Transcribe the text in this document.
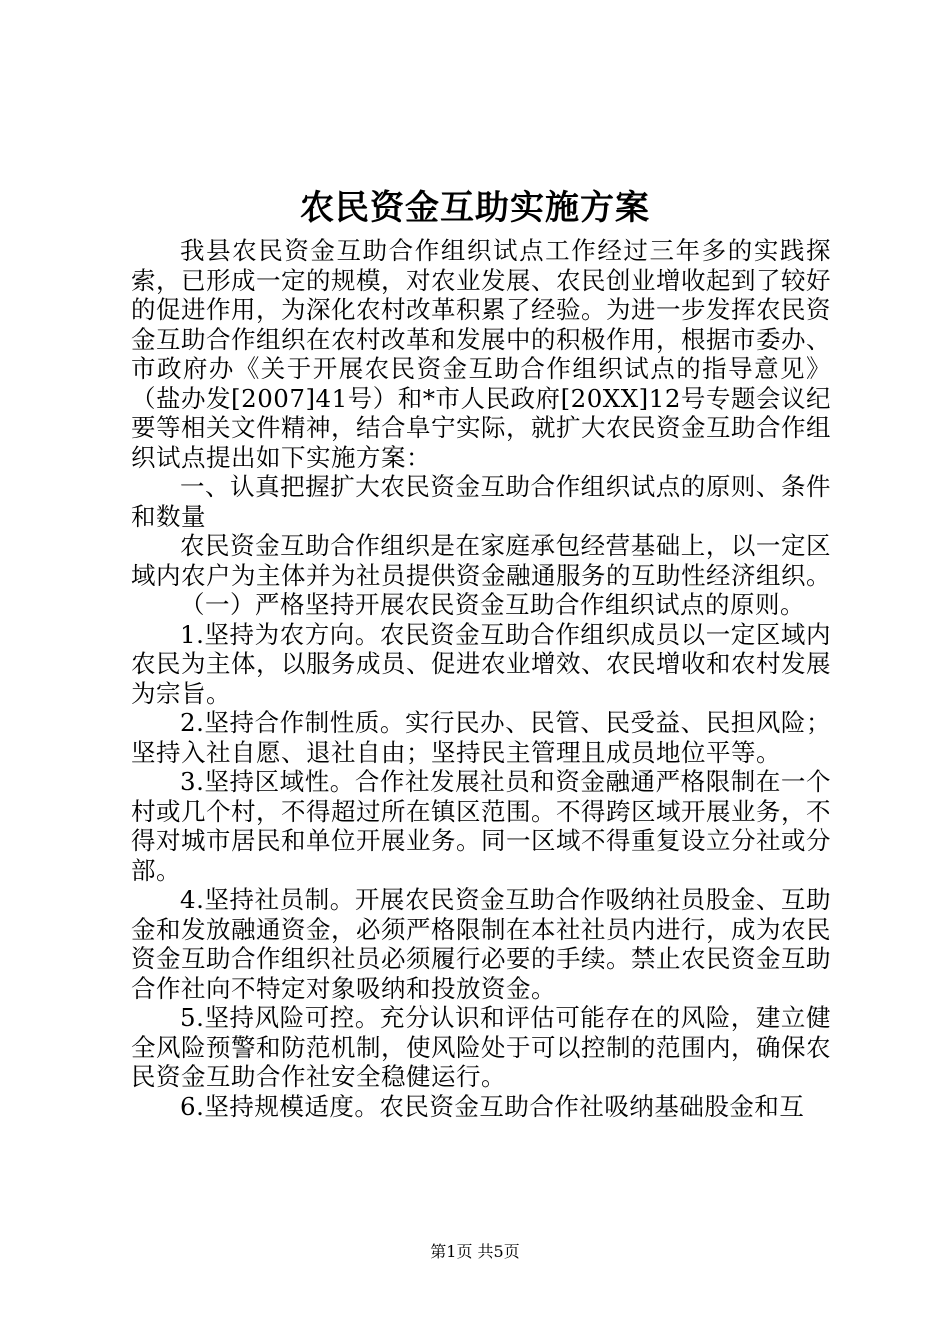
农民资金互助实施方案

我县农民资金互助合作组织试点工作经过三年多的实践探索，已形成一定的规模，对农业发展、农民创业增收起到了较好的促进作用，为深化农村改革积累了经验。为进一步发挥农民资金互助合作组织在农村改革和发展中的积极作用，根据市委办、市政府办《关于开展农民资金互助合作组织试点的指导意见》（盐办发[2007]41号）和*市人民政府[20XX]12号专题会议纪要等相关文件精神，结合阜宁实际，就扩大农民资金互助合作组织试点提出如下实施方案：

一、认真把握扩大农民资金互助合作组织试点的原则、条件和数量

农民资金互助合作组织是在家庭承包经营基础上，以一定区域内农户为主体并为社员提供资金融通服务的互助性经济组织。

（一）严格坚持开展农民资金互助合作组织试点的原则。

1.坚持为农方向。农民资金互助合作组织成员以一定区域内农民为主体，以服务成员、促进农业增效、农民增收和农村发展为宗旨。

2.坚持合作制性质。实行民办、民管、民受益、民担风险；坚持入社自愿、退社自由；坚持民主管理且成员地位平等。

3.坚持区域性。合作社发展社员和资金融通严格限制在一个村或几个村，不得超过所在镇区范围。不得跨区域开展业务，不得对城市居民和单位开展业务。同一区域不得重复设立分社或分部。

4.坚持社员制。开展农民资金互助合作吸纳社员股金、互助金和发放融通资金，必须严格限制在本社社员内进行，成为农民资金互助合作组织社员必须履行必要的手续。禁止农民资金互助合作社向不特定对象吸纳和投放资金。

5.坚持风险可控。充分认识和评估可能存在的风险，建立健全风险预警和防范机制，使风险处于可以控制的范围内，确保农民资金互助合作社安全稳健运行。

6.坚持规模适度。农民资金互助合作社吸纳基础股金和互

第1页 共5页
